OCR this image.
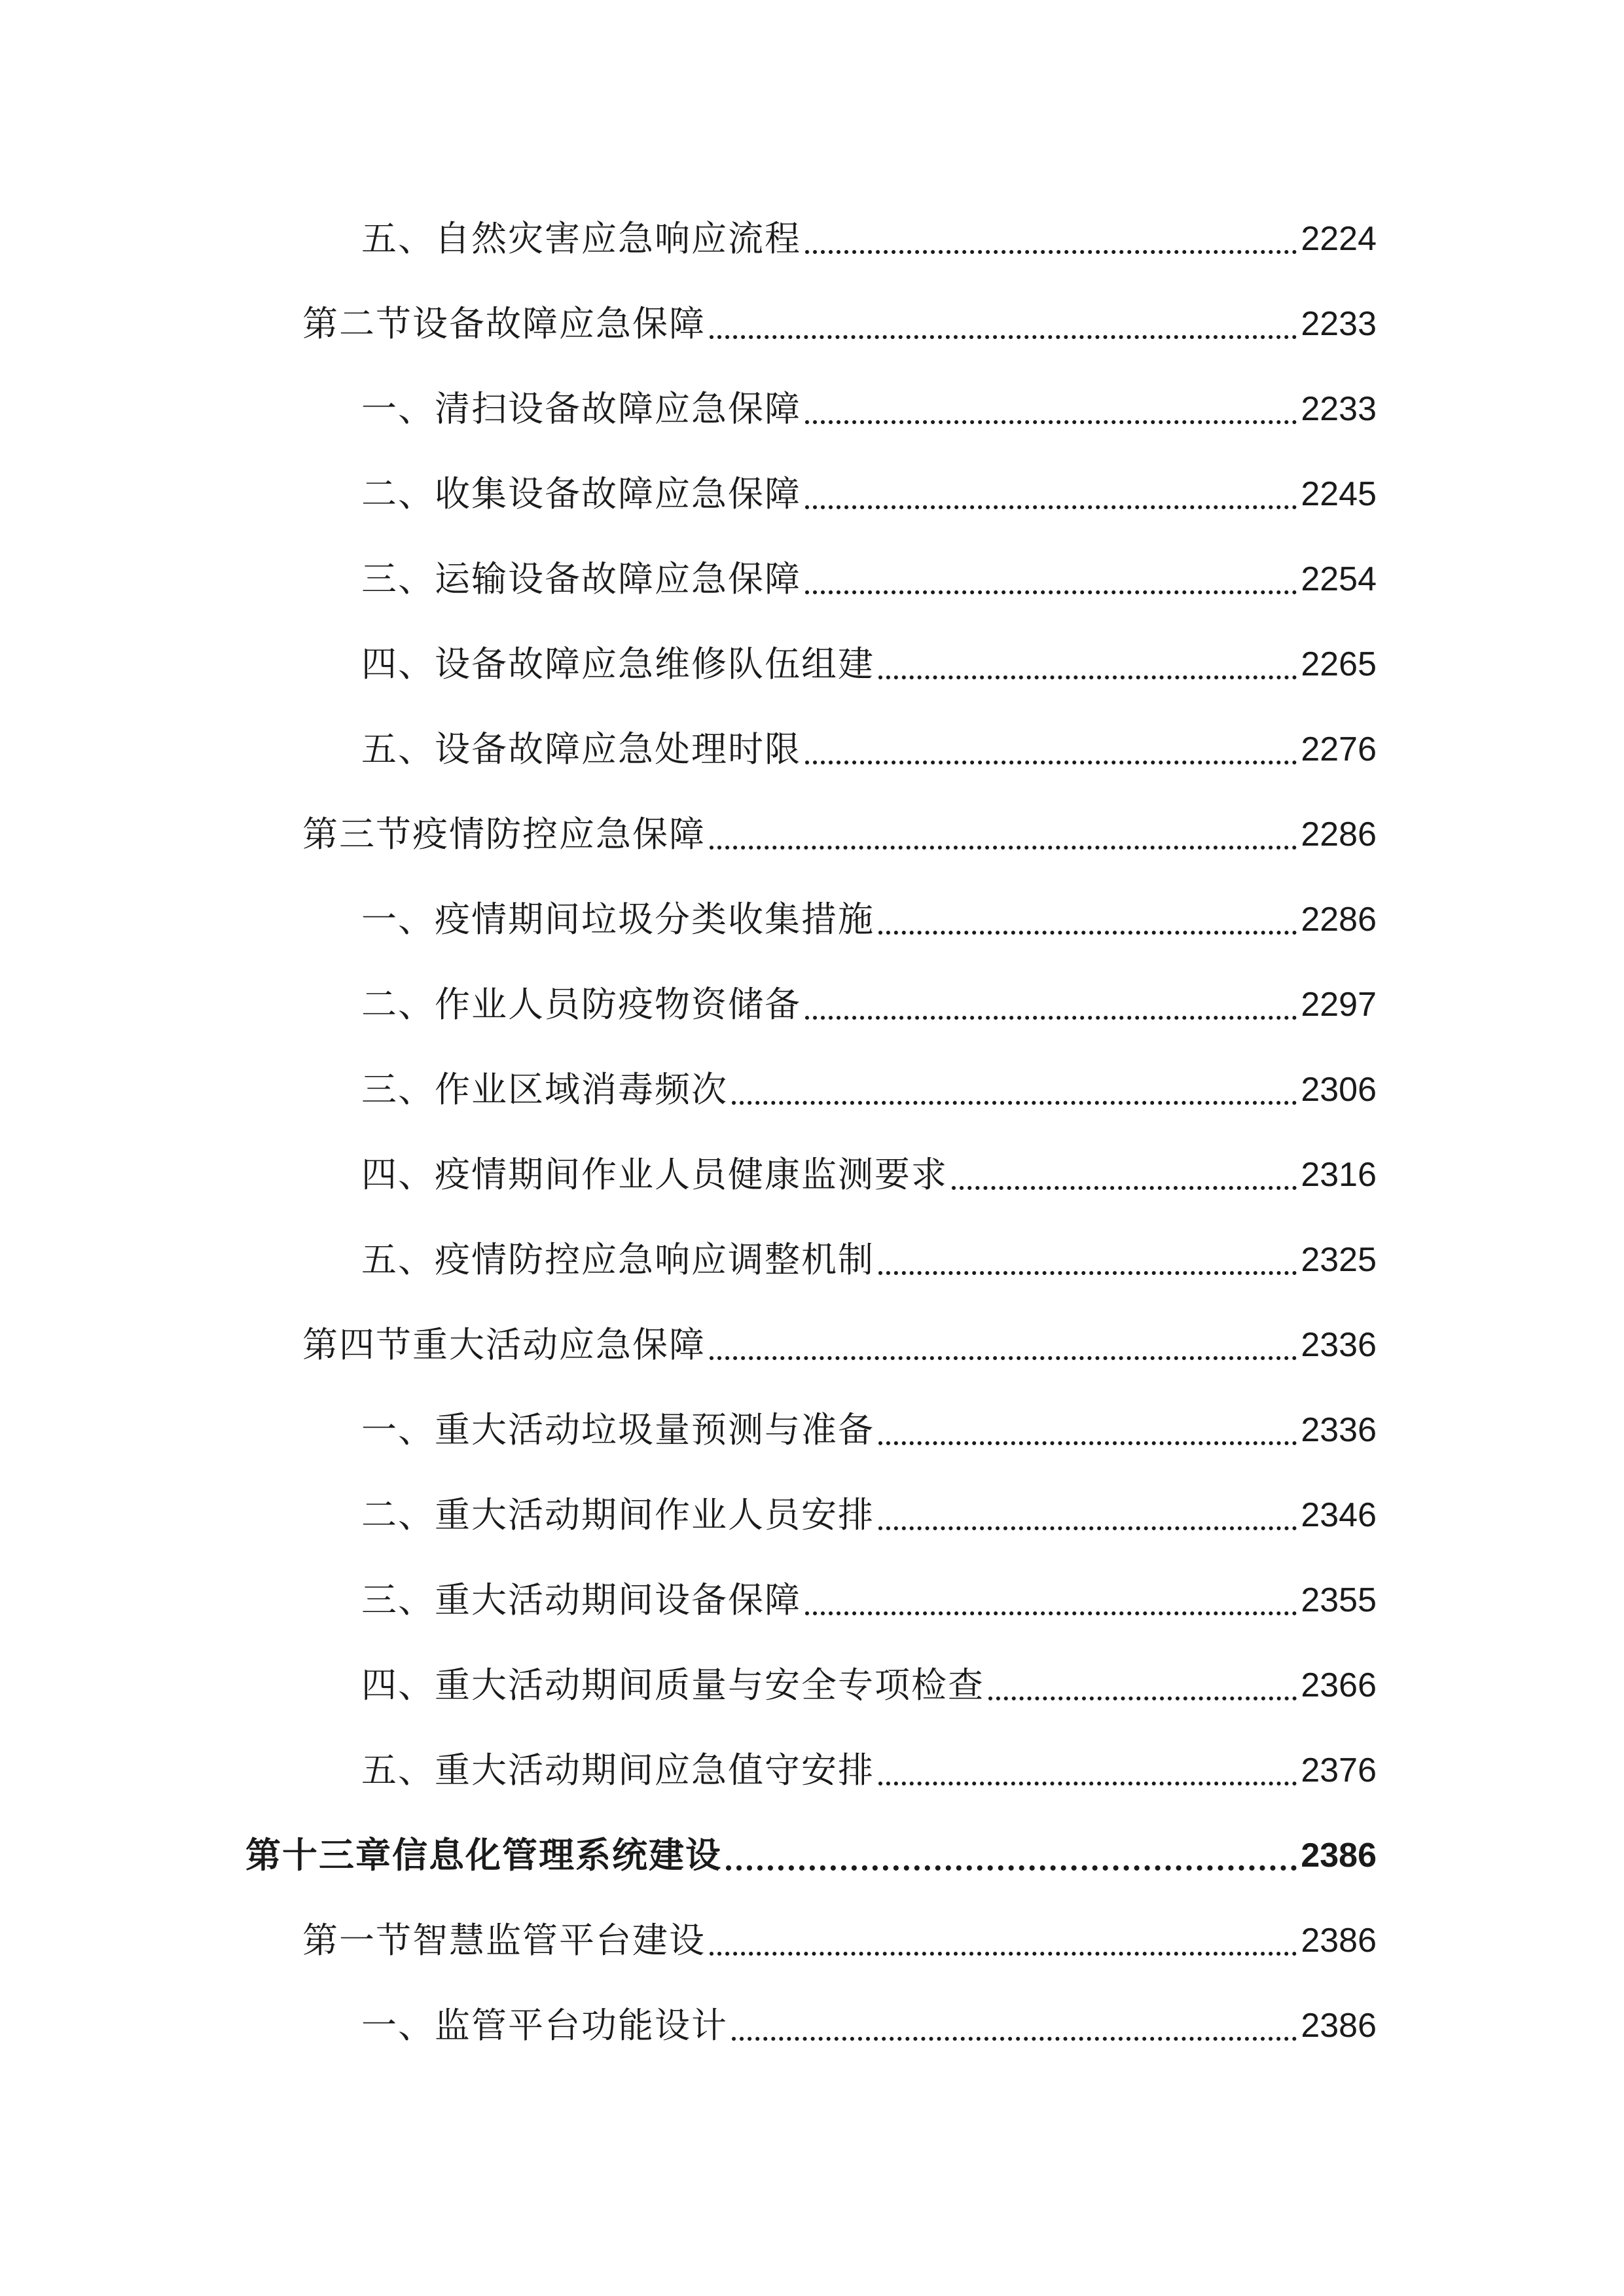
五、自然灾害应急响应流程	2224
第二节设备故障应急保障	2233
一、清扫设备故障应急保障	2233
二、收集设备故障应急保障	2245
三、运输设备故障应急保障	2254
四、设备故障应急维修队伍组建	2265
五、设备故障应急处理时限	2276
第三节疫情防控应急保障	2286
一、疫情期间垃圾分类收集措施	2286
二、作业人员防疫物资储备	2297
三、作业区域消毒频次	2306
四、疫情期间作业人员健康监测要求	2316
五、疫情防控应急响应调整机制	2325
第四节重大活动应急保障	2336
一、重大活动垃圾量预测与准备	2336
二、重大活动期间作业人员安排	2346
三、重大活动期间设备保障	2355
四、重大活动期间质量与安全专项检查	2366
五、重大活动期间应急值守安排	2376
第十三章信息化管理系统建设	2386
第一节智慧监管平台建设	2386
一、监管平台功能设计	2386
